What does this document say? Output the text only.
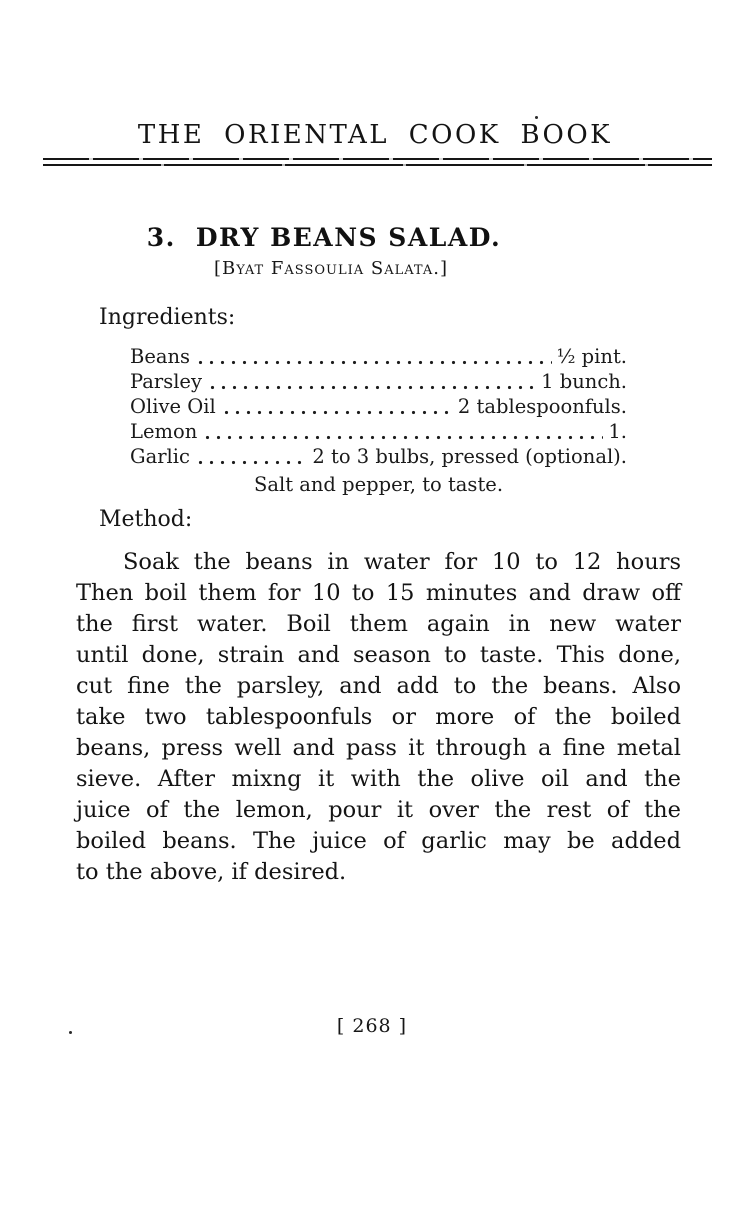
THE ORIENTAL COOK BOOK
3. DRY BEANS SALAD.
[Byat Fassoulia Salata.]
Ingredients:
Beans	½ pint.
Parsley	1 bunch.
Olive Oil	2 tablespoonfuls.
Lemon	1.
Garlic	2 to 3 bulbs, pressed (optional).
Salt and pepper, to taste.
Method:
Soak the beans in water for 10 to 12 hours
Then boil them for 10 to 15 minutes and draw off
the first water. Boil them again in new water
until done, strain and season to taste. This done,
cut fine the parsley, and add to the beans. Also
take two tablespoonfuls or more of the boiled
beans, press well and pass it through a fine metal
sieve. After mixng it with the olive oil and the
juice of the lemon, pour it over the rest of the
boiled beans. The juice of garlic may be added
to the above, if desired.
[ 268 ]
